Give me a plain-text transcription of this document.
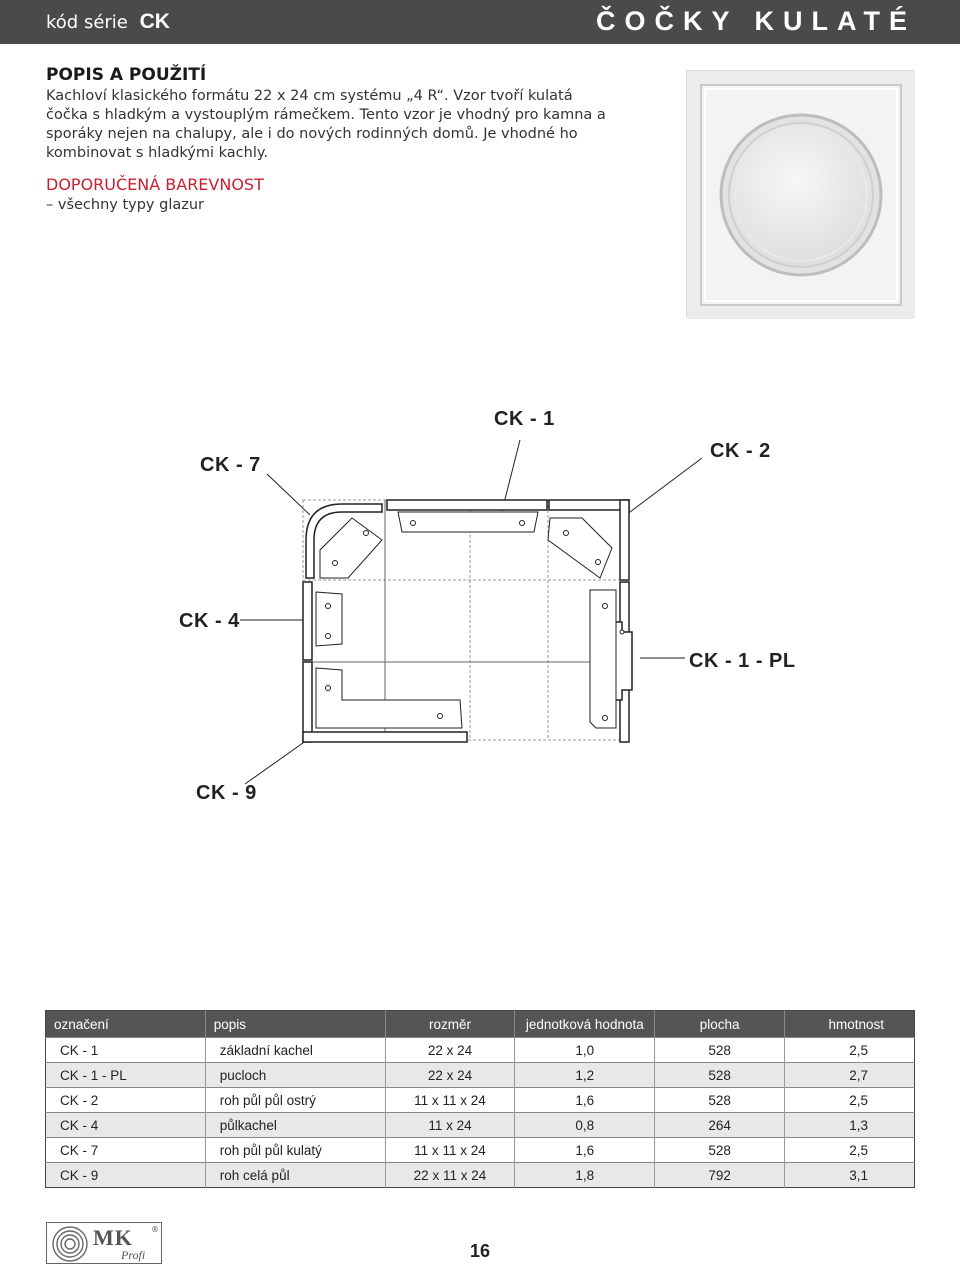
kód série CK	ČOČKY KULATÉ
POPIS A POUŽITÍ

Kachloví klasického formátu 22 x 24 cm systému „4 R“. Vzor tvoří kulatá čočka s hladkým a vystouplým rámečkem. Tento vzor je vhodný pro kamna a sporáky nejen na chalupy, ale i do nových rodinných domů. Je vhodné ho kombinovat s hladkými kachly.

DOPORUČENÁ BAREVNOST

– všechny typy glazur

CK - 7
CK - 1
CK - 2
CK - 4
CK - 1 - PL
CK - 9
označení	popis	rozměr	jednotková hodnota	plocha	hmotnost
CK - 1	základní kachel	22 x 24	1,0	528	2,5
CK - 1 - PL	pucloch	22 x 24	1,2	528	2,7
CK - 2	roh půl půl ostrý	11 x 11 x 24	1,6	528	2,5
CK - 4	půlkachel	11 x 24	0,8	264	1,3
CK - 7	roh půl půl kulatý	11 x 11 x 24	1,6	528	2,5
CK - 9	roh celá půl	22 x 11 x 24	1,8	792	3,1
MK ®
Profi	16
